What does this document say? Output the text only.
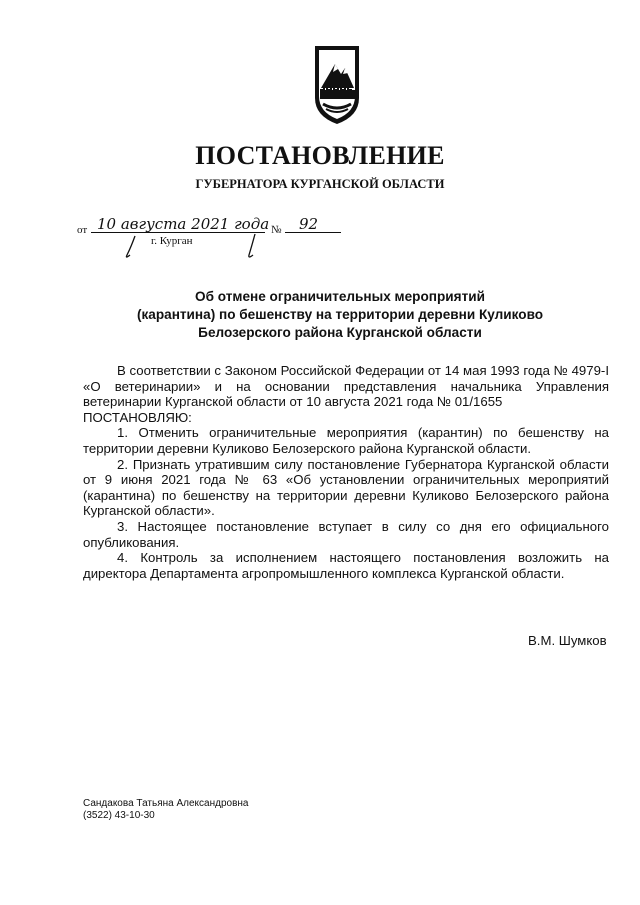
ПОСТАНОВЛЕНИЕ
ГУБЕРНАТОРА КУРГАНСКОЙ ОБЛАСТИ
от 10 августа 2021 года № 92
г. Курган
Об отмене ограничительных мероприятий
(карантина) по бешенству на территории деревни Куликово
Белозерского района Курганской области

В соответствии с Законом Российской Федерации от 14 мая 1993 года № 4979-I «О ветеринарии» и на основании представления начальника Управления ветеринарии Курганской области от 10 августа 2021 года № 01/1655

ПОСТАНОВЛЯЮ:

1. Отменить ограничительные мероприятия (карантин) по бешенству на территории деревни Куликово Белозерского района Курганской области.

2. Признать утратившим силу постановление Губернатора Курганской области от 9 июня 2021 года № 63 «Об установлении ограничительных мероприятий (карантина) по бешенству на территории деревни Куликово Белозерского района Курганской области».

3. Настоящее постановление вступает в силу со дня его официального опубликования.

4. Контроль за исполнением настоящего постановления возложить на директора Департамента агропромышленного комплекса Курганской области.

В.М. Шумков
Сандакова Татьяна Александровна
(3522) 43-10-30
